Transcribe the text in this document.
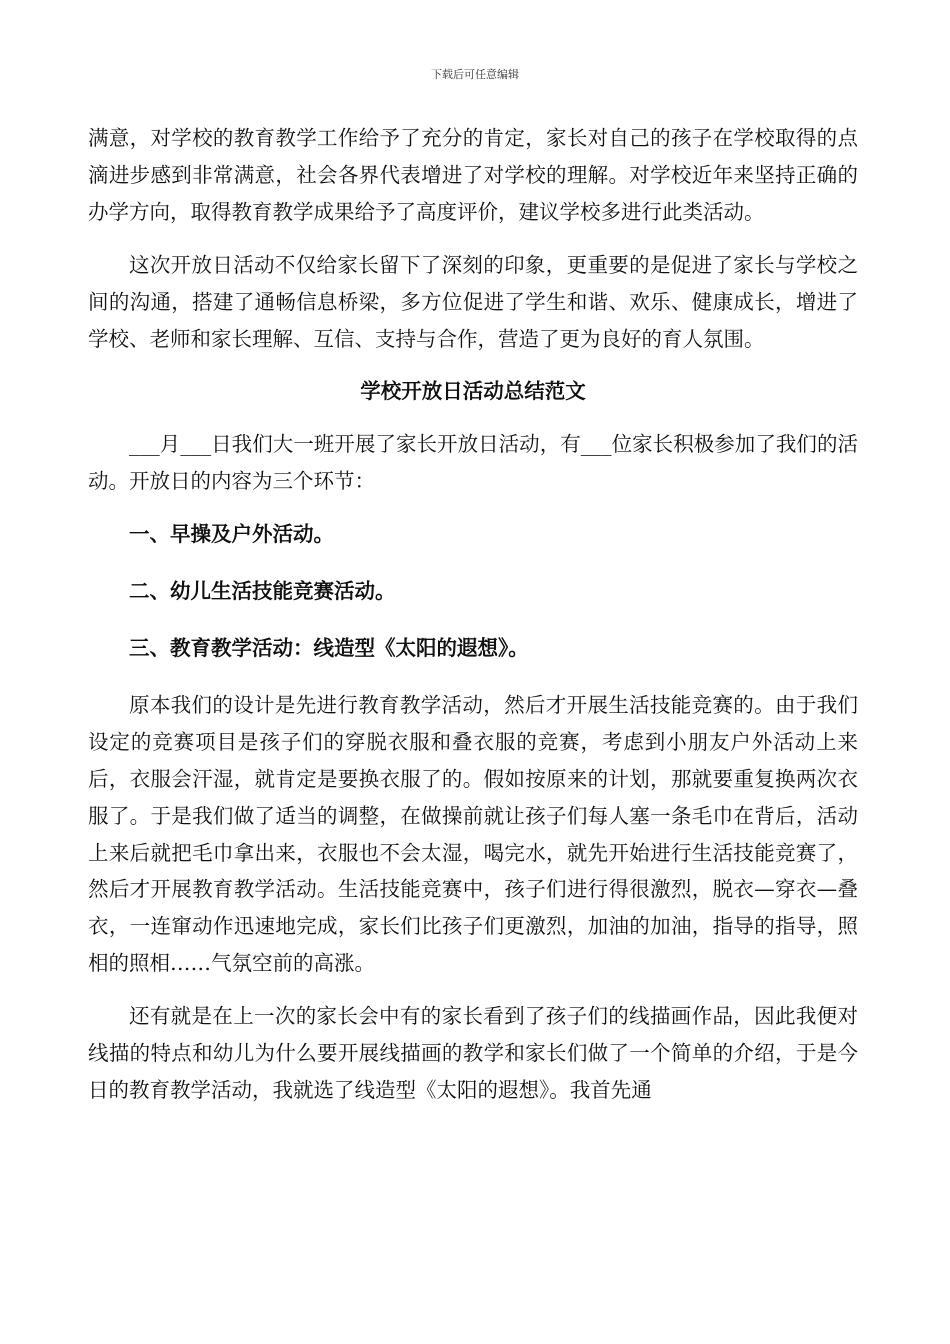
下载后可任意编辑

满意，对学校的教育教学工作给予了充分的肯定，家长对自己的孩子在学校取得的点滴进步感到非常满意，社会各界代表增进了对学校的理解。对学校近年来坚持正确的办学方向，取得教育教学成果给予了高度评价，建议学校多进行此类活动。

这次开放日活动不仅给家长留下了深刻的印象，更重要的是促进了家长与学校之间的沟通，搭建了通畅信息桥梁，多方位促进了学生和谐、欢乐、健康成长，增进了学校、老师和家长理解、互信、支持与合作，营造了更为良好的育人氛围。

学校开放日活动总结范文

___月___日我们大一班开展了家长开放日活动，有___位家长积极参加了我们的活动。开放日的内容为三个环节：

一、早操及户外活动。
二、幼儿生活技能竞赛活动。
三、教育教学活动：线造型《太阳的遐想》。

原本我们的设计是先进行教育教学活动，然后才开展生活技能竞赛的。由于我们设定的竞赛项目是孩子们的穿脱衣服和叠衣服的竞赛，考虑到小朋友户外活动上来后，衣服会汗湿，就肯定是要换衣服了的。假如按原来的计划，那就要重复换两次衣服了。于是我们做了适当的调整，在做操前就让孩子们每人塞一条毛巾在背后，活动上来后就把毛巾拿出来，衣服也不会太湿，喝完水，就先开始进行生活技能竞赛了，然后才开展教育教学活动。生活技能竞赛中，孩子们进行得很激烈，脱衣—穿衣—叠衣，一连窜动作迅速地完成，家长们比孩子们更激烈，加油的加油，指导的指导，照相的照相……气氛空前的高涨。

还有就是在上一次的家长会中有的家长看到了孩子们的线描画作品，因此我便对线描的特点和幼儿为什么要开展线描画的教学和家长们做了一个简单的介绍，于是今日的教育教学活动，我就选了线造型《太阳的遐想》。我首先通
